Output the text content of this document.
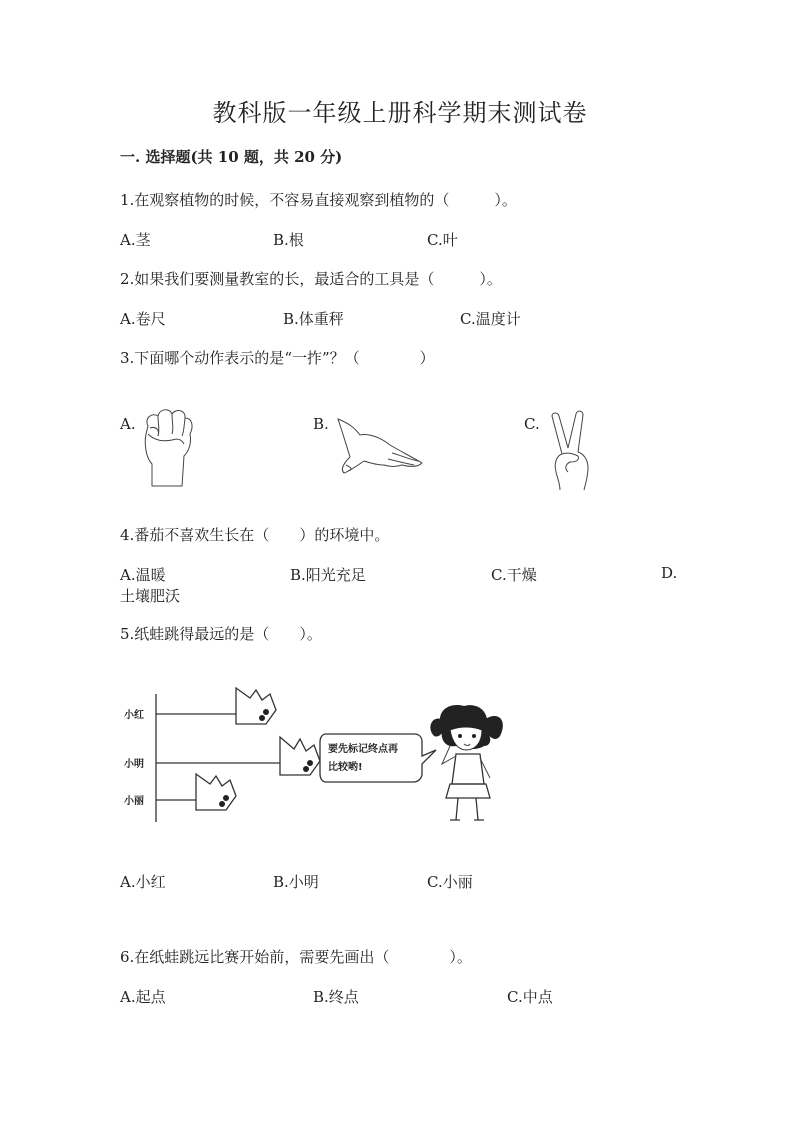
教科版一年级上册科学期末测试卷
一. 选择题(共 10 题，共 20 分)
1.在观察植物的时候，不容易直接观察到植物的（　　　）。
A.茎	B.根	C.叶
2.如果我们要测量教室的长，最适合的工具是（　　　）。
A.卷尺	B.体重秤	C.温度计
3.下面哪个动作表示的是“一拃”？（　　　　）
A.	B.	C.
4.番茄不喜欢生长在（　　）的环境中。
A.温暖	B.阳光充足	C.干燥	D.
土壤肥沃
5.纸蛙跳得最远的是（　　）。
小红
小明
小丽
要先标记终点再
比较哟!
A.小红	B.小明	C.小丽
6.在纸蛙跳远比赛开始前，需要先画出（　　　　）。
A.起点	B.终点	C.中点
